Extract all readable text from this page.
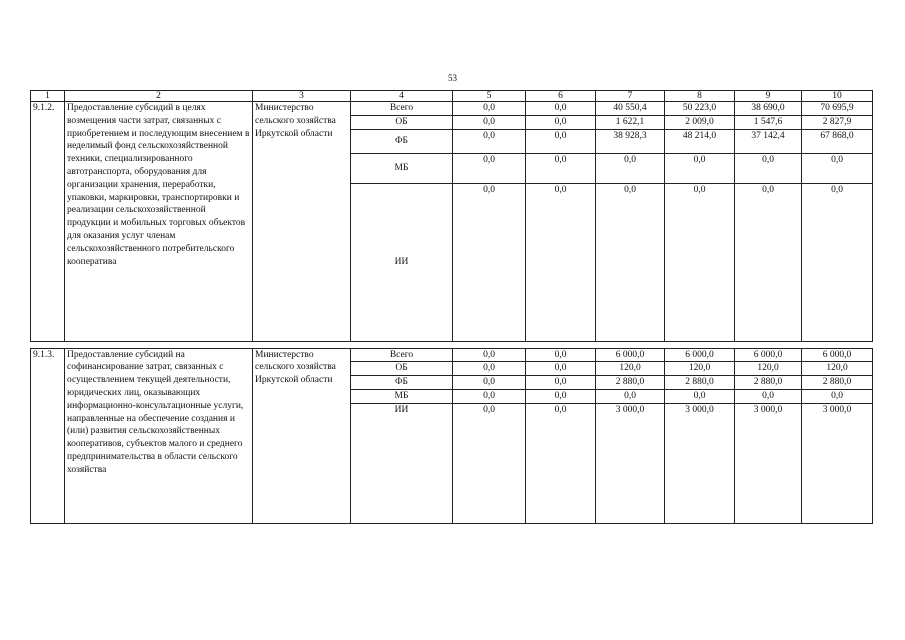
53
1	2	3	4	5	6	7	8	9	10
9.1.2.	Предоставление субсидий в целях возмещения части затрат, связанных с приобретением и последующим внесением в неделимый фонд сельскохозяйственной техники, специализированного автотранспорта, оборудования для организации хранения, переработки, упаковки, маркировки, транспортировки и реализации сельскохозяйственной продукции и мобильных торговых объектов для оказания услуг членам сельскохозяйственного потребительского кооператива	Министерство сельского хозяйства Иркутской области	Всего	0,0	0,0	40 550,4	50 223,0	38 690,0	70 695,9
			ОБ	0,0	0,0	1 622,1	2 009,0	1 547,6	2 827,9
			ФБ	0,0	0,0	38 928,3	48 214,0	37 142,4	67 868,0
			МБ	0,0	0,0	0,0	0,0	0,0	0,0
			ИИ	0,0	0,0	0,0	0,0	0,0	0,0

9.1.3.	Предоставление субсидий на софинансирование затрат, связанных с осуществлением текущей деятельности, юридических лиц, оказывающих информационно-консультационные услуги, направленные на обеспечение создания и (или) развития сельскохозяйственных кооперативов, субъектов малого и среднего предпринимательства в области сельского хозяйства	Министерство сельского хозяйства Иркутской области	Всего	0,0	0,0	6 000,0	6 000,0	6 000,0	6 000,0
			ОБ	0,0	0,0	120,0	120,0	120,0	120,0
			ФБ	0,0	0,0	2 880,0	2 880,0	2 880,0	2 880,0
			МБ	0,0	0,0	0,0	0,0	0,0	0,0
			ИИ	0,0	0,0	3 000,0	3 000,0	3 000,0	3 000,0
